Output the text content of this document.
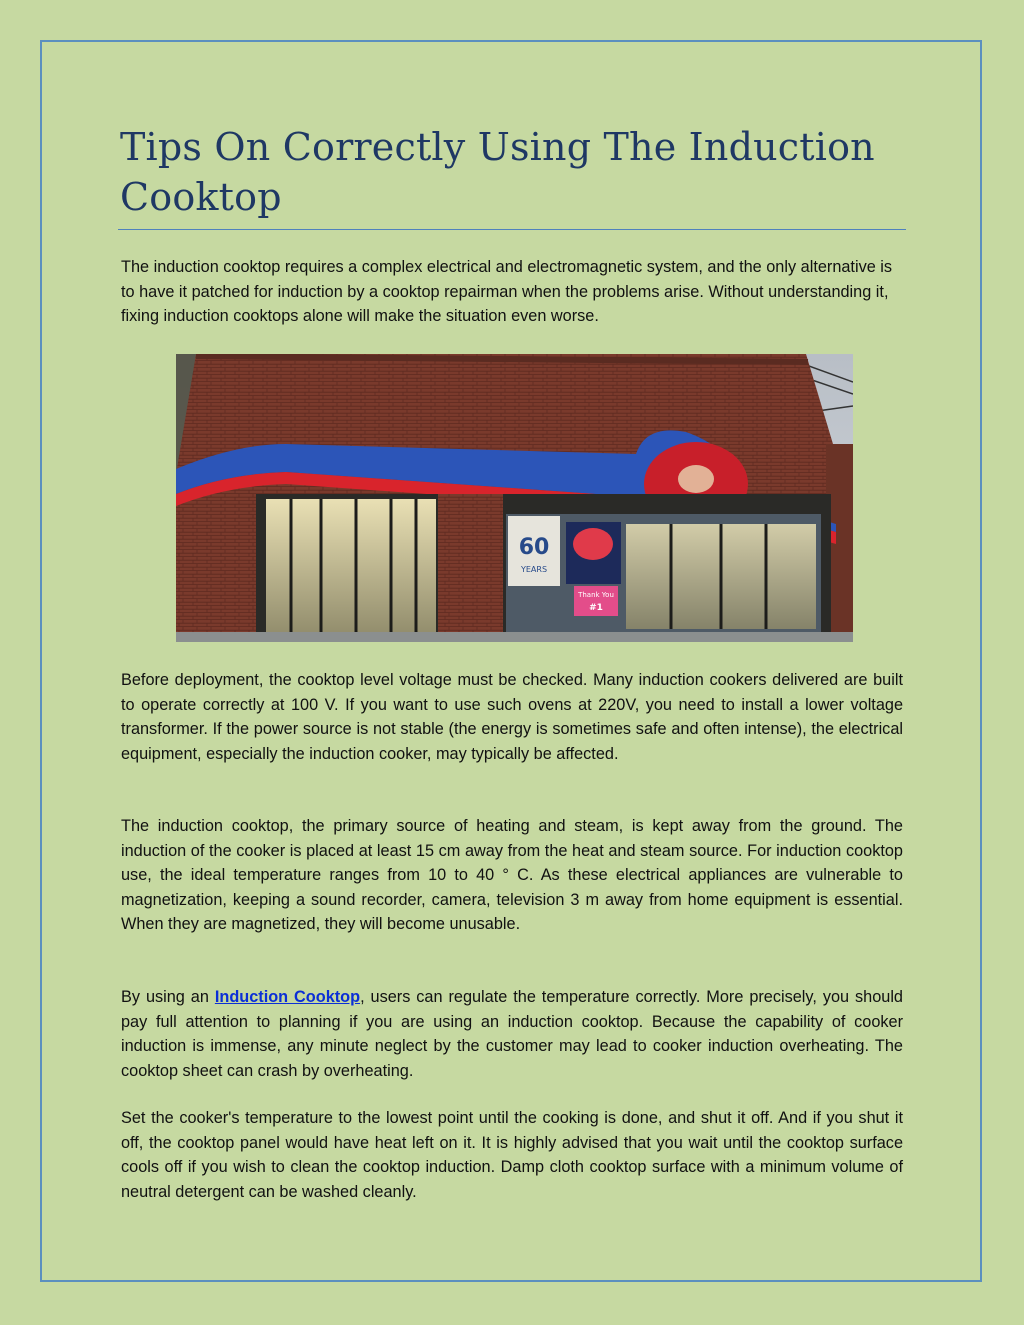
Tips On Correctly Using The Induction Cooktop

The induction cooktop requires a complex electrical and electromagnetic system, and the only alternative is to have it patched for induction by a cooktop repairman when the problems arise. Without understanding it, fixing induction cooktops alone will make the situation even worse.

60
YEARS
Thank You
#1

Before deployment, the cooktop level voltage must be checked. Many induction cookers delivered are built to operate correctly at 100 V. If you want to use such ovens at 220V, you need to install a lower voltage transformer. If the power source is not stable (the energy is sometimes safe and often intense), the electrical equipment, especially the induction cooker, may typically be affected.

The induction cooktop, the primary source of heating and steam, is kept away from the ground. The induction of the cooker is placed at least 15 cm away from the heat and steam source. For induction cooktop use, the ideal temperature ranges from 10 to 40 ° C. As these electrical appliances are vulnerable to magnetization, keeping a sound recorder, camera, television 3 m away from home equipment is essential. When they are magnetized, they will become unusable.

By using an Induction Cooktop, users can regulate the temperature correctly. More precisely, you should pay full attention to planning if you are using an induction cooktop. Because the capability of cooker induction is immense, any minute neglect by the customer may lead to cooker induction overheating. The cooktop sheet can crash by overheating.

Set the cooker's temperature to the lowest point until the cooking is done, and shut it off. And if you shut it off, the cooktop panel would have heat left on it. It is highly advised that you wait until the cooktop surface cools off if you wish to clean the cooktop induction. Damp cloth cooktop surface with a minimum volume of neutral detergent can be washed cleanly.
